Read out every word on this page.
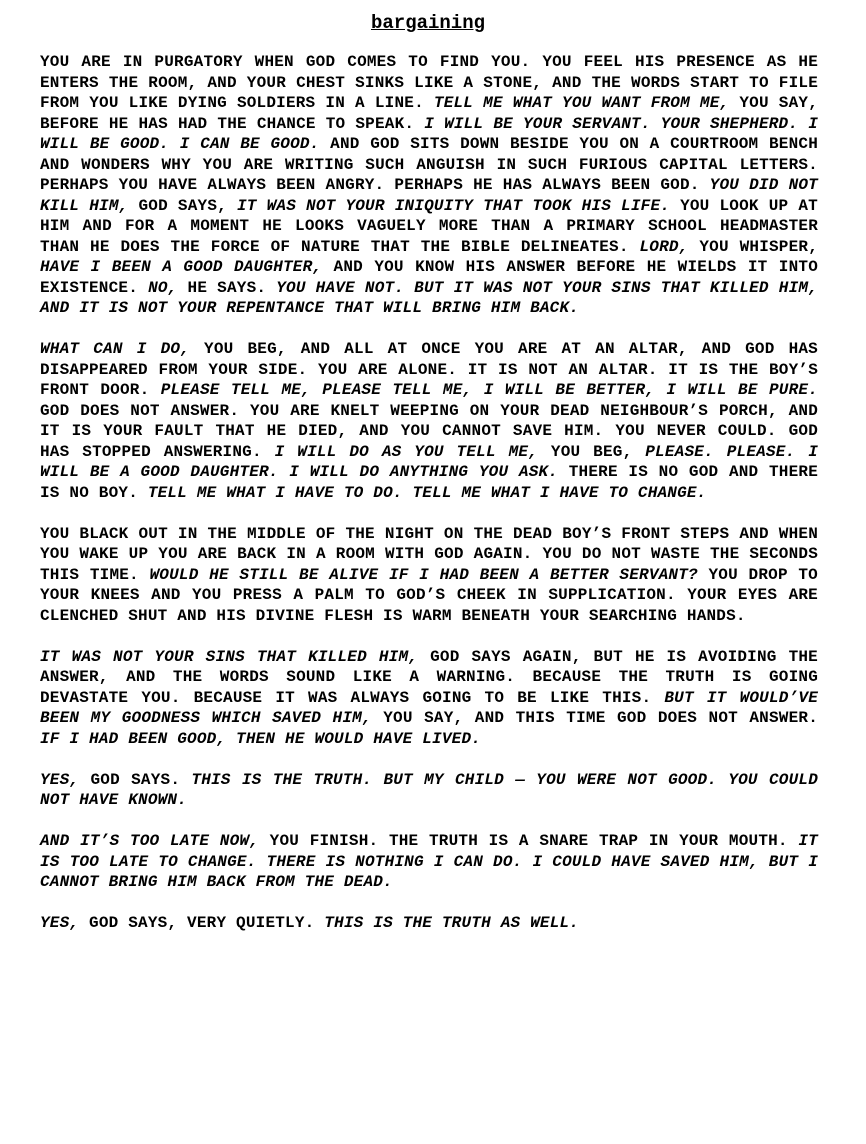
bargaining

YOU ARE IN PURGATORY WHEN GOD COMES TO FIND YOU. YOU FEEL HIS PRESENCE AS HE ENTERS THE ROOM, AND YOUR CHEST SINKS LIKE A STONE, AND THE WORDS START TO FILE FROM YOU LIKE DYING SOLDIERS IN A LINE. TELL ME WHAT YOU WANT FROM ME, YOU SAY, BEFORE HE HAS HAD THE CHANCE TO SPEAK. I WILL BE YOUR SERVANT. YOUR SHEPHERD. I WILL BE GOOD. I CAN BE GOOD. AND GOD SITS DOWN BESIDE YOU ON A COURTROOM BENCH AND WONDERS WHY YOU ARE WRITING SUCH ANGUISH IN SUCH FURIOUS CAPITAL LETTERS. PERHAPS YOU HAVE ALWAYS BEEN ANGRY. PERHAPS HE HAS ALWAYS BEEN GOD. YOU DID NOT KILL HIM, GOD SAYS, IT WAS NOT YOUR INIQUITY THAT TOOK HIS LIFE. YOU LOOK UP AT HIM AND FOR A MOMENT HE LOOKS VAGUELY MORE THAN A PRIMARY SCHOOL HEADMASTER THAN HE DOES THE FORCE OF NATURE THAT THE BIBLE DELINEATES. LORD, YOU WHISPER, HAVE I BEEN A GOOD DAUGHTER, AND YOU KNOW HIS ANSWER BEFORE HE WIELDS IT INTO EXISTENCE. NO, HE SAYS. YOU HAVE NOT. BUT IT WAS NOT YOUR SINS THAT KILLED HIM, AND IT IS NOT YOUR REPENTANCE THAT WILL BRING HIM BACK.

WHAT CAN I DO, YOU BEG, AND ALL AT ONCE YOU ARE AT AN ALTAR, AND GOD HAS DISAPPEARED FROM YOUR SIDE. YOU ARE ALONE. IT IS NOT AN ALTAR. IT IS THE BOY’S FRONT DOOR. PLEASE TELL ME, PLEASE TELL ME, I WILL BE BETTER, I WILL BE PURE. GOD DOES NOT ANSWER. YOU ARE KNELT WEEPING ON YOUR DEAD NEIGHBOUR’S PORCH, AND IT IS YOUR FAULT THAT HE DIED, AND YOU CANNOT SAVE HIM. YOU NEVER COULD. GOD HAS STOPPED ANSWERING. I WILL DO AS YOU TELL ME, YOU BEG, PLEASE. PLEASE. I WILL BE A GOOD DAUGHTER. I WILL DO ANYTHING YOU ASK. THERE IS NO GOD AND THERE IS NO BOY. TELL ME WHAT I HAVE TO DO. TELL ME WHAT I HAVE TO CHANGE.

YOU BLACK OUT IN THE MIDDLE OF THE NIGHT ON THE DEAD BOY’S FRONT STEPS AND WHEN YOU WAKE UP YOU ARE BACK IN A ROOM WITH GOD AGAIN. YOU DO NOT WASTE THE SECONDS THIS TIME. WOULD HE STILL BE ALIVE IF I HAD BEEN A BETTER SERVANT? YOU DROP TO YOUR KNEES AND YOU PRESS A PALM TO GOD’S CHEEK IN SUPPLICATION. YOUR EYES ARE CLENCHED SHUT AND HIS DIVINE FLESH IS WARM BENEATH YOUR SEARCHING HANDS.

IT WAS NOT YOUR SINS THAT KILLED HIM, GOD SAYS AGAIN, BUT HE IS AVOIDING THE ANSWER, AND THE WORDS SOUND LIKE A WARNING. BECAUSE THE TRUTH IS GOING DEVASTATE YOU. BECAUSE IT WAS ALWAYS GOING TO BE LIKE THIS. BUT IT WOULD’VE BEEN MY GOODNESS WHICH SAVED HIM, YOU SAY, AND THIS TIME GOD DOES NOT ANSWER. IF I HAD BEEN GOOD, THEN HE WOULD HAVE LIVED.

YES, GOD SAYS. THIS IS THE TRUTH. BUT MY CHILD — YOU WERE NOT GOOD. YOU COULD NOT HAVE KNOWN.

AND IT’S TOO LATE NOW, YOU FINISH. THE TRUTH IS A SNARE TRAP IN YOUR MOUTH. IT IS TOO LATE TO CHANGE. THERE IS NOTHING I CAN DO. I COULD HAVE SAVED HIM, BUT I CANNOT BRING HIM BACK FROM THE DEAD.

YES, GOD SAYS, VERY QUIETLY. THIS IS THE TRUTH AS WELL.
